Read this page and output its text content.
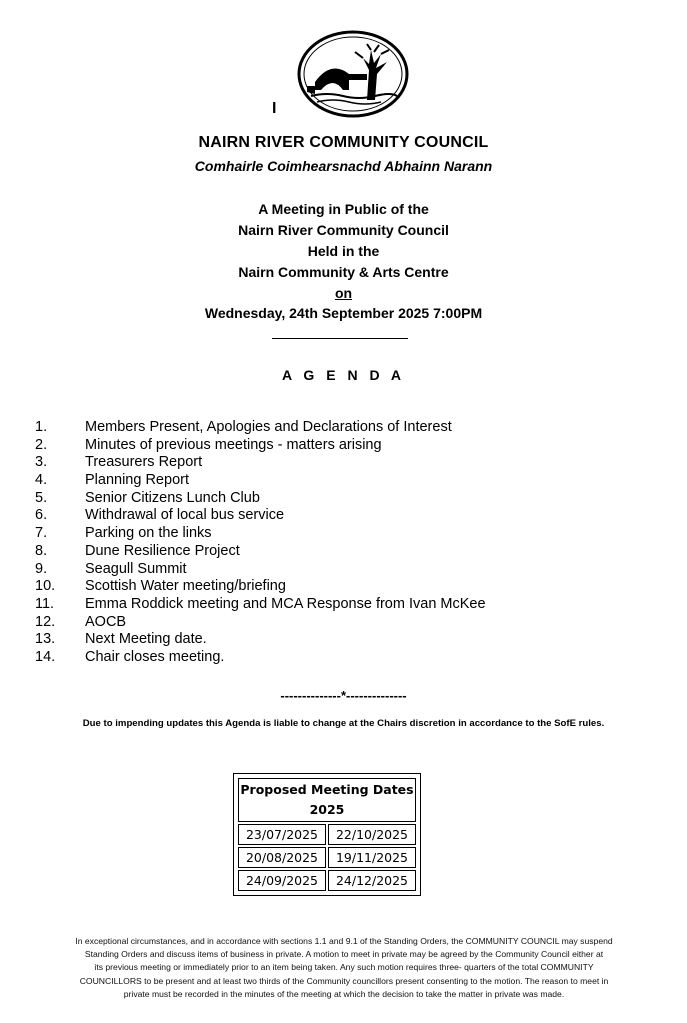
I
NAIRN RIVER COMMUNITY COUNCIL
Comhairle Coimhearsnachd Abhainn Narann
A Meeting in Public of the
Nairn River Community Council
Held in the
Nairn Community & Arts Centre
on
Wednesday, 24th September 2025 7:00PM
A G E N D A
1.	Members Present, Apologies and Declarations of Interest
2.	Minutes of previous meetings - matters arising
3.	Treasurers Report
4.	Planning Report
5.	Senior Citizens Lunch Club
6.	Withdrawal of local bus service
7.	Parking on the links
8.	Dune Resilience Project
9.	Seagull Summit
10. Scottish Water meeting/briefing
11. Emma Roddick meeting and MCA Response from Ivan McKee
12. AOCB
13. Next Meeting date.
14. Chair closes meeting.
--------------*--------------
Due to impending updates this Agenda is liable to change at the Chairs discretion in accordance to the SofE rules.
Proposed Meeting Dates
2025	

23/07/2025	22/10/2025
20/08/2025	19/11/2025
24/09/2025	24/12/2025
In exceptional circumstances, and in accordance with sections 1.1 and 9.1 of the Standing Orders, the COMMUNITY COUNCIL may suspend
Standing Orders and discuss items of business in private. A motion to meet in private may be agreed by the Community Council either at
its previous meeting or immediately prior to an item being taken. Any such motion requires three- quarters of the total COMMUNITY
COUNCILLORS to be present and at least two thirds of the Community councillors present consenting to the motion. The reason to meet in
private must be recorded in the minutes of the meeting at which the decision to take the matter in private was made.
